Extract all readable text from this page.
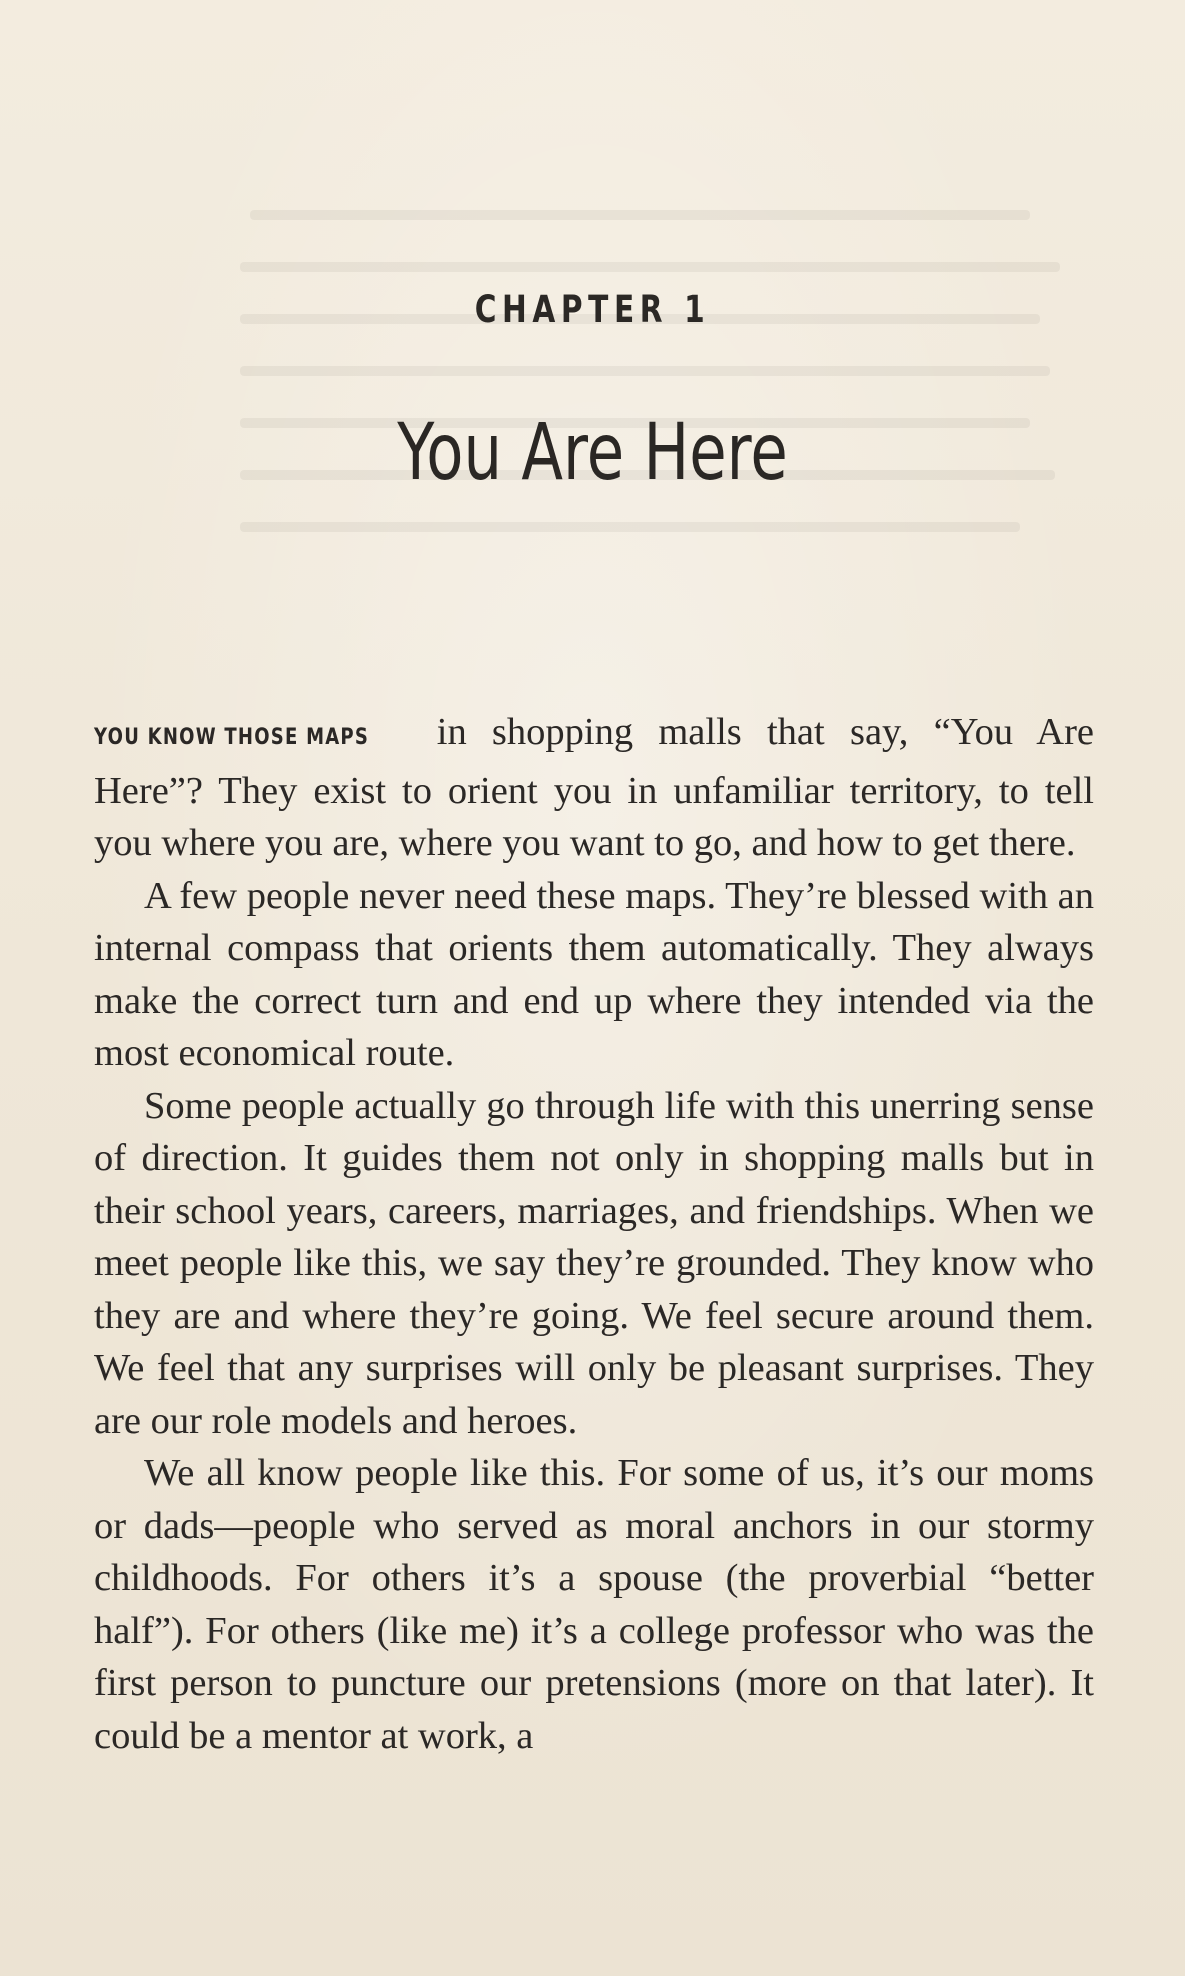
CHAPTER 1
You Are Here

YOU KNOW THOSE MAPS in shopping malls that say, “You Are Here”? They exist to orient you in unfamiliar territory, to tell you where you are, where you want to go, and how to get there.

A few people never need these maps. They’re blessed with an internal compass that orients them automatically. They always make the correct turn and end up where they intended via the most economical route.

Some people actually go through life with this unerring sense of direction. It guides them not only in shopping malls but in their school years, careers, marriages, and friendships. When we meet people like this, we say they’re grounded. They know who they are and where they’re going. We feel secure around them. We feel that any surprises will only be pleasant surprises. They are our role models and heroes.

We all know people like this. For some of us, it’s our moms or dads—people who served as moral anchors in our stormy childhoods. For others it’s a spouse (the proverbial “better half”). For others (like me) it’s a college professor who was the first person to puncture our pretensions (more on that later). It could be a mentor at work, a
